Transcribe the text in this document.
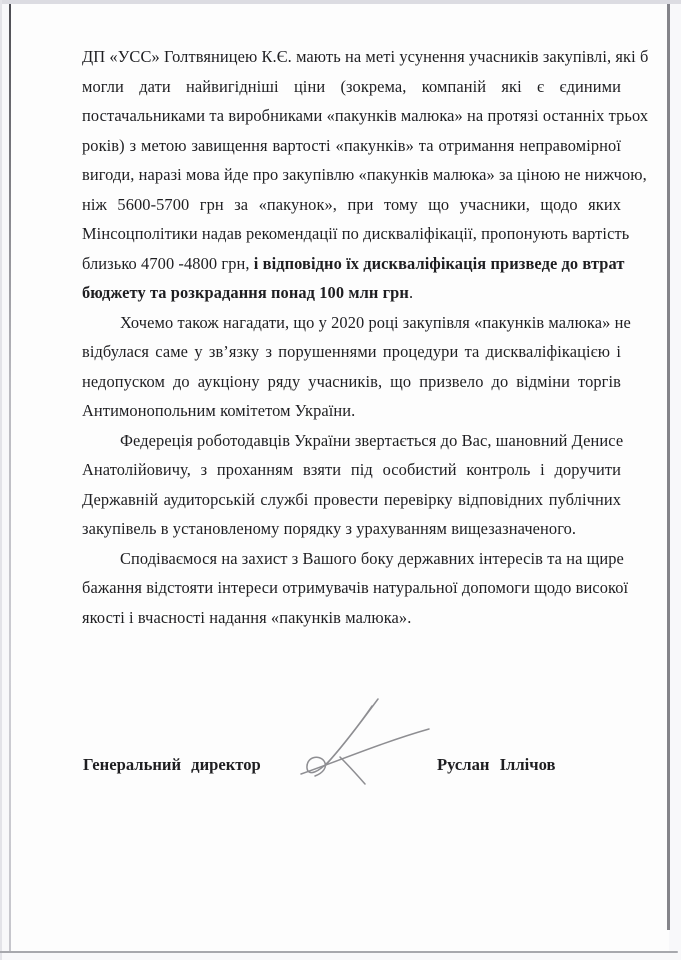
ДП «УСС» Голтвяницею К.Є. мають на меті усунення учасників закупівлі, які б
могли дати найвигідніші ціни (зокрема, компаній які є єдиними
постачальниками та виробниками «пакунків малюка» на протязі останніх трьох
років) з метою завищення вартості «пакунків» та отримання неправомірної
вигоди, наразі мова йде про закупівлю «пакунків малюка» за ціною не нижчою,
ніж 5600-5700 грн за «пакунок», при тому що учасники, щодо яких
Мінсоцполітики надав рекомендації по дискваліфікації, пропонують вартість
близько 4700 -4800 грн, і відповідно їх дискваліфікація призведе до втрат
бюджету та розкрадання понад 100 млн грн.
Хочемо також нагадати, що у 2020 році закупівля «пакунків малюка» не
відбулася саме у зв’язку з порушеннями процедури та дискваліфікацією і
недопуском до аукціону ряду учасників, що призвело до відміни торгів
Антимонопольним комітетом України.
Федереція роботодавців України звертається до Вас, шановний Денисе
Анатолійовичу, з проханням взяти під особистий контроль і доручити
Державній аудиторській службі провести перевірку відповідних публічних
закупівель в установленому порядку з урахуванням вищезазначеного.
Сподіваємося на захист з Вашого боку державних інтересів та на щире
бажання відстояти інтереси отримувачів натуральної допомоги щодо високої
якості і вчасності надання «пакунків малюка».
Генеральний директор	Руслан Іллічов
